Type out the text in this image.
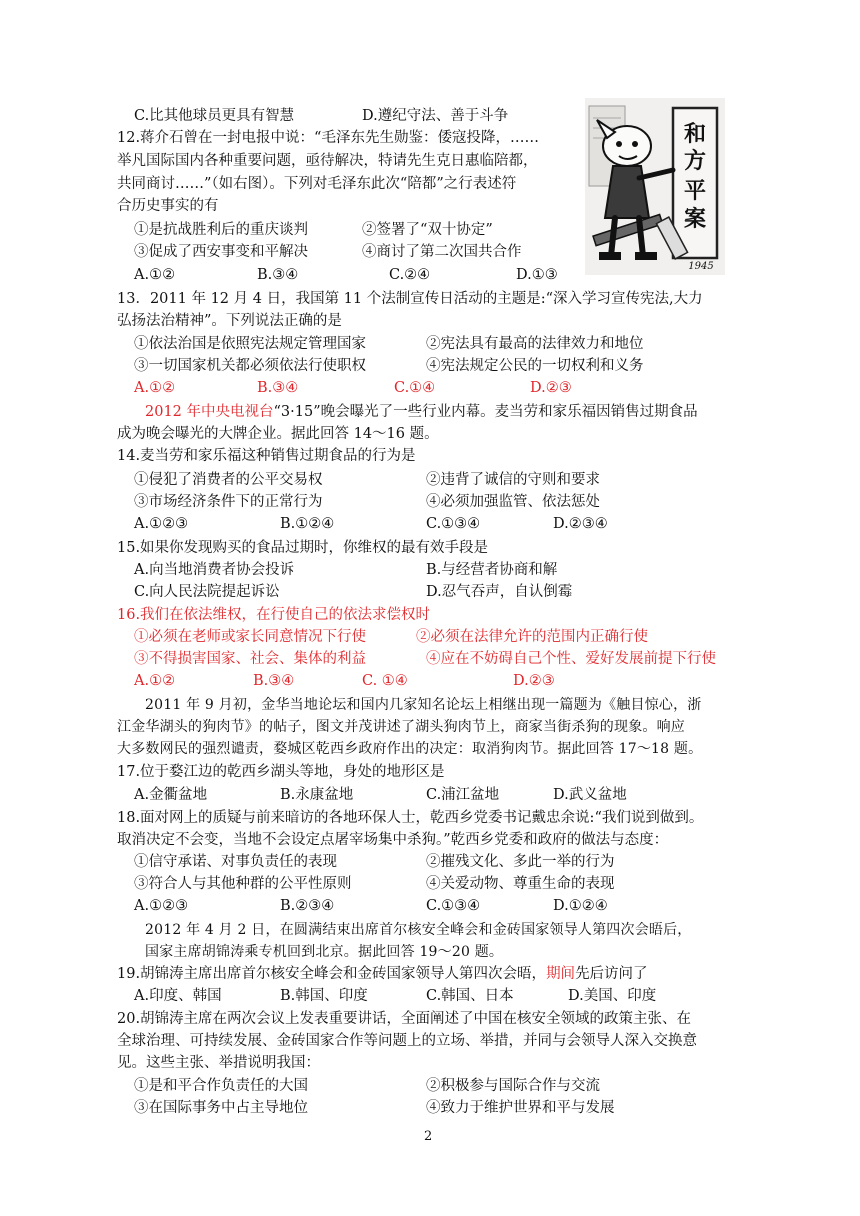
和
方
平
案
1945
C.比其他球员更具有智慧	D.遵纪守法、善于斗争
12.蒋介石曾在一封电报中说：“毛泽东先生勋鉴：倭寇投降，……
举凡国际国内各种重要问题，亟待解决，特请先生克日惠临陪都，
共同商讨……”（如右图）。下列对毛泽东此次“陪都”之行表述符
合历史事实的有
①是抗战胜利后的重庆谈判	②签署了“双十协定”
③促成了西安事变和平解决	④商讨了第二次国共合作
A.①②	B.③④	C.②④	D.①③
13．2011 年 12 月 4 日，我国第 11 个法制宣传日活动的主题是:“深入学习宣传宪法,大力
弘扬法治精神”。下列说法正确的是
①依法治国是依照宪法规定管理国家	②宪法具有最高的法律效力和地位
③一切国家机关都必须依法行使职权	④宪法规定公民的一切权利和义务
A.①②	B.③④	C.①④	D.②③
2012 年中央电视台“3·15”晚会曝光了一些行业内幕。麦当劳和家乐福因销售过期食品
成为晚会曝光的大牌企业。据此回答 14～16 题。
14.麦当劳和家乐福这种销售过期食品的行为是
①侵犯了消费者的公平交易权	②违背了诚信的守则和要求
③市场经济条件下的正常行为	④必须加强监管、依法惩处
A.①②③	B.①②④	C.①③④	D.②③④
15.如果你发现购买的食品过期时，你维权的最有效手段是
A.向当地消费者协会投诉	B.与经营者协商和解
C.向人民法院提起诉讼	D.忍气吞声，自认倒霉
16.我们在依法维权，在行使自己的依法求偿权时
①必须在老师或家长同意情况下行使	②必须在法律允许的范围内正确行使
③不得损害国家、社会、集体的利益	④应在不妨碍自己个性、爱好发展前提下行使
A.①②	B.③④	C. ①④	D.②③
2011 年 9 月初，金华当地论坛和国内几家知名论坛上相继出现一篇题为《触目惊心，浙
江金华湖头的狗肉节》的帖子，图文并茂讲述了湖头狗肉节上，商家当街杀狗的现象。响应
大多数网民的强烈谴责，婺城区乾西乡政府作出的决定：取消狗肉节。据此回答 17～18 题。
17.位于婺江边的乾西乡湖头等地，身处的地形区是
A.金衢盆地	B.永康盆地	C.浦江盆地	D.武义盆地
18.面对网上的质疑与前来暗访的各地环保人士，乾西乡党委书记戴忠余说:“我们说到做到。
取消决定不会变，当地不会设定点屠宰场集中杀狗。”乾西乡党委和政府的做法与态度：
①信守承诺、对事负责任的表现	②摧残文化、多此一举的行为
③符合人与其他种群的公平性原则	④关爱动物、尊重生命的表现
A.①②③	B.②③④	C.①③④	D.①②④
2012 年 4 月 2 日，在圆满结束出席首尔核安全峰会和金砖国家领导人第四次会晤后，
国家主席胡锦涛乘专机回到北京。据此回答 19～20 题。
19.胡锦涛主席出席首尔核安全峰会和金砖国家领导人第四次会晤，期间先后访问了
A.印度、韩国	B.韩国、印度	C.韩国、日本	D.美国、印度
20.胡锦涛主席在两次会议上发表重要讲话，全面阐述了中国在核安全领域的政策主张、在
全球治理、可持续发展、金砖国家合作等问题上的立场、举措，并同与会领导人深入交换意
见。这些主张、举措说明我国：
①是和平合作负责任的大国	②积极参与国际合作与交流
③在国际事务中占主导地位	④致力于维护世界和平与发展
2
